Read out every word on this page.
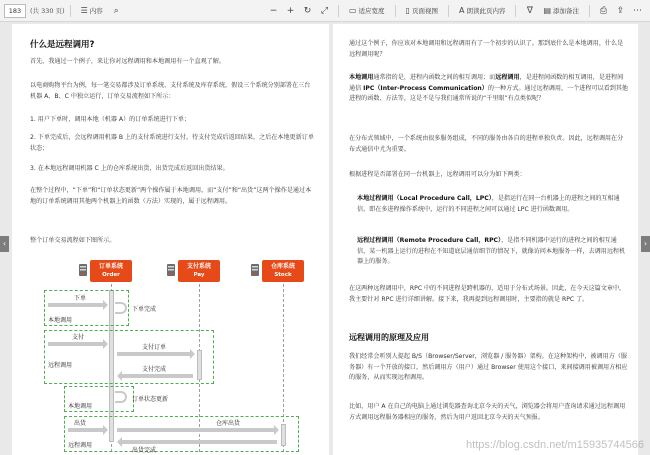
183	(共 330 页) ☰ 内容	⌕	−	+	↻	⤢	▭ 适应宽度	▯ 页面视图	A 朗读此页内容	∇	▤ 添加备注	⎙	⇪ ⋯
‹	›
什么是远程调用?
首先，我通过一个例子，来让你对远程调用和本地调用有一个直观了解。
以电商购物平台为例，每一笔交易都涉及订单系统、支付系统及库存系统，假设三个系统分别部署在三台机器 A、B、C 中独立运行，订单交易流程如下所示：
1. 用户下单时，调用本地（机器 A）的订单系统进行下单；
2. 下单完成后，会远程调用机器 B 上的支付系统进行支付，待支付完成后返回结果，之后在本地更新订单状态；
3. 在本地远程调用机器 C 上的仓库系统出货，出货完成后返回出货结果。
在整个过程中，“下单”和“订单状态更新”两个操作属于本地调用，而“支付”和“出货”这两个操作是通过本地的订单系统调用其他两个机器上的函数（方法）实现的，属于远程调用。
整个订单交易流程如下图所示。
订单系统
Order
支付系统
Pay
仓库系统
Stock
下单
下单完成
本地调用
支付
支付订单
远程调用
支付完成
订单状态更新
本地调用
出货	仓库出货
远程调用
出货完成
通过这个例子，你应该对本地调用和远程调用有了一个初步的认识了。那到底什么是本地调用，什么是远程调用呢？
本地调用通常指的是，进程内函数之间的相互调用；而远程调用，是进程间函数的相互调用，是进程间通信 IPC（Inter-Process Communication）的一种方式。通过远程调用，一个进程可以看到其他进程的函数、方法等，这是不是与我们通常所说的“千里眼”有点类似呢？
在分布式领域中，一个系统由很多服务组成，不同的服务由各自的进程单独负责。因此，远程调用在分布式通信中尤为重要。
根据进程是否部署在同一台机器上，远程调用可以分为如下两类：
本地过程调用（Local Procedure Call，LPC），是指运行在同一台机器上的进程之间的互相通信，即在多进程操作系统中，运行的不同进程之间可以通过 LPC 进行函数调用。
远程过程调用（Remote Procedure Call，RPC），是指不同机器中运行的进程之间的相互通信，某一机器上运行的进程在不知道底层通信细节的情况下，就像访问本地服务一样，去调用远程机器上的服务。
在这两种远程调用中，RPC 中的不同进程是跨机器的，适用于分布式场景。因此，在今天这篇文章中，我主要针对 RPC 进行详细讲解。接下来，我再提到远程调用时，主要指的就是 RPC 了。
远程调用的原理及应用
我们经常会听别人提起 B/S（Browser/Server，浏览器 / 服务器）架构。在这种架构中，被调用方（服务器）有一个开放的接口，然后调用方（用户）通过 Browser 使用这个接口，来间接调用被调用方相应的服务，从而实现远程调用。
比如，用户 A 在自己的电脑上通过浏览器查询北京今天的天气，浏览器会将用户查询请求通过远程调用方式调用远程服务器相应的服务，然后为用户返回北京今天的天气预报。
https://blog.csdn.net/m15935744566
